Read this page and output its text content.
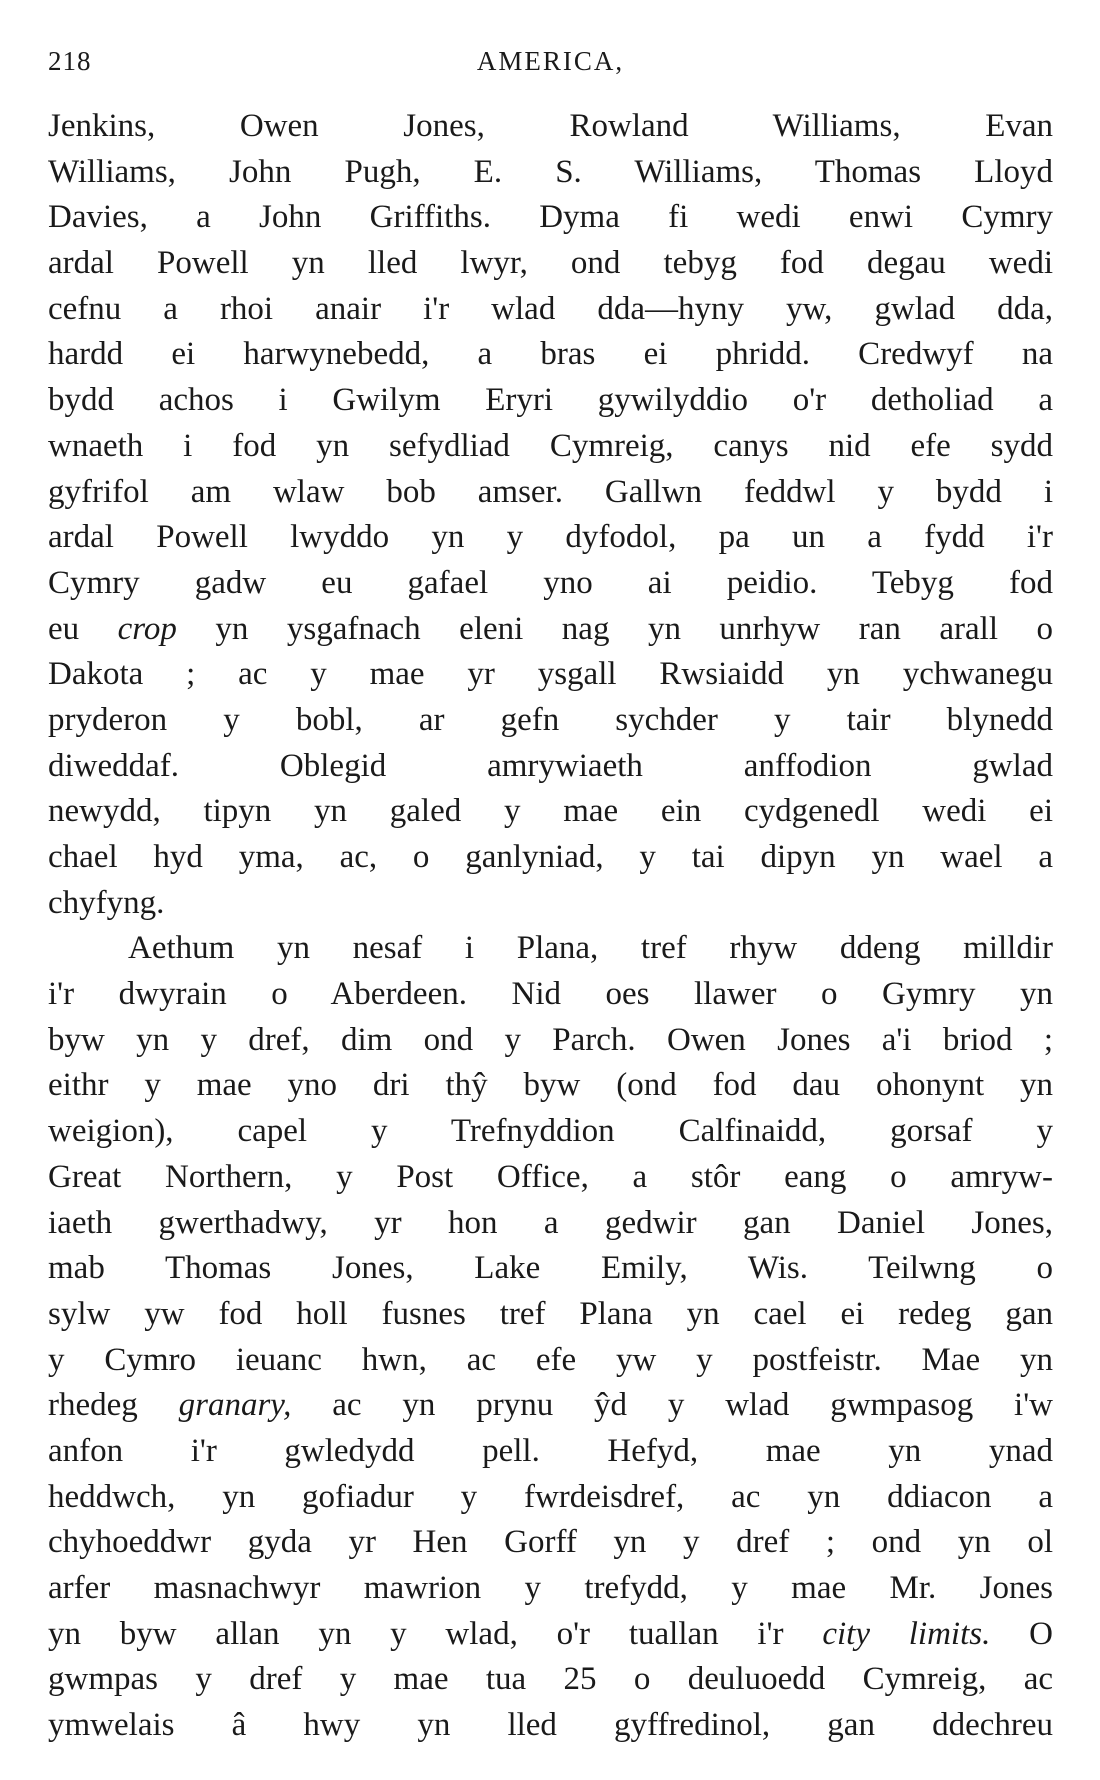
218	AMERICA,
Jenkins, Owen Jones, Rowland Williams, Evan
Williams, John Pugh, E. S. Williams, Thomas Lloyd
Davies, a John Griffiths. Dyma fi wedi enwi Cymry
ardal Powell yn lled lwyr, ond tebyg fod degau wedi
cefnu a rhoi anair i'r wlad dda—hyny yw, gwlad dda,
hardd ei harwynebedd, a bras ei phridd. Credwyf na
bydd achos i Gwilym Eryri gywilyddio o'r detholiad a
wnaeth i fod yn sefydliad Cymreig, canys nid efe sydd
gyfrifol am wlaw bob amser. Gallwn feddwl y bydd i
ardal Powell lwyddo yn y dyfodol, pa un a fydd i'r
Cymry gadw eu gafael yno ai peidio. Tebyg fod
eu crop yn ysgafnach eleni nag yn unrhyw ran arall o
Dakota ; ac y mae yr ysgall Rwsiaidd yn ychwanegu
pryderon y bobl, ar gefn sychder y tair blynedd
diweddaf. Oblegid amrywiaeth anffodion gwlad
newydd, tipyn yn galed y mae ein cydgenedl wedi ei
chael hyd yma, ac, o ganlyniad, y tai dipyn yn wael a
chyfyng.
Aethum yn nesaf i Plana, tref rhyw ddeng milldir
i'r dwyrain o Aberdeen. Nid oes llawer o Gymry yn
byw yn y dref, dim ond y Parch. Owen Jones a'i briod ;
eithr y mae yno dri thŷ byw (ond fod dau ohonynt yn
weigion), capel y Trefnyddion Calfinaidd, gorsaf y
Great Northern, y Post Office, a stôr eang o amryw-
iaeth gwerthadwy, yr hon a gedwir gan Daniel Jones,
mab Thomas Jones, Lake Emily, Wis. Teilwng o
sylw yw fod holl fusnes tref Plana yn cael ei redeg gan
y Cymro ieuanc hwn, ac efe yw y postfeistr. Mae yn
rhedeg granary, ac yn prynu ŷd y wlad gwmpasog i'w
anfon i'r gwledydd pell. Hefyd, mae yn ynad
heddwch, yn gofiadur y fwrdeisdref, ac yn ddiacon a
chyhoeddwr gyda yr Hen Gorff yn y dref ; ond yn ol
arfer masnachwyr mawrion y trefydd, y mae Mr. Jones
yn byw allan yn y wlad, o'r tuallan i'r city limits. O
gwmpas y dref y mae tua 25 o deuluoedd Cymreig, ac
ymwelais â hwy yn lled gyffredinol, gan ddechreu
